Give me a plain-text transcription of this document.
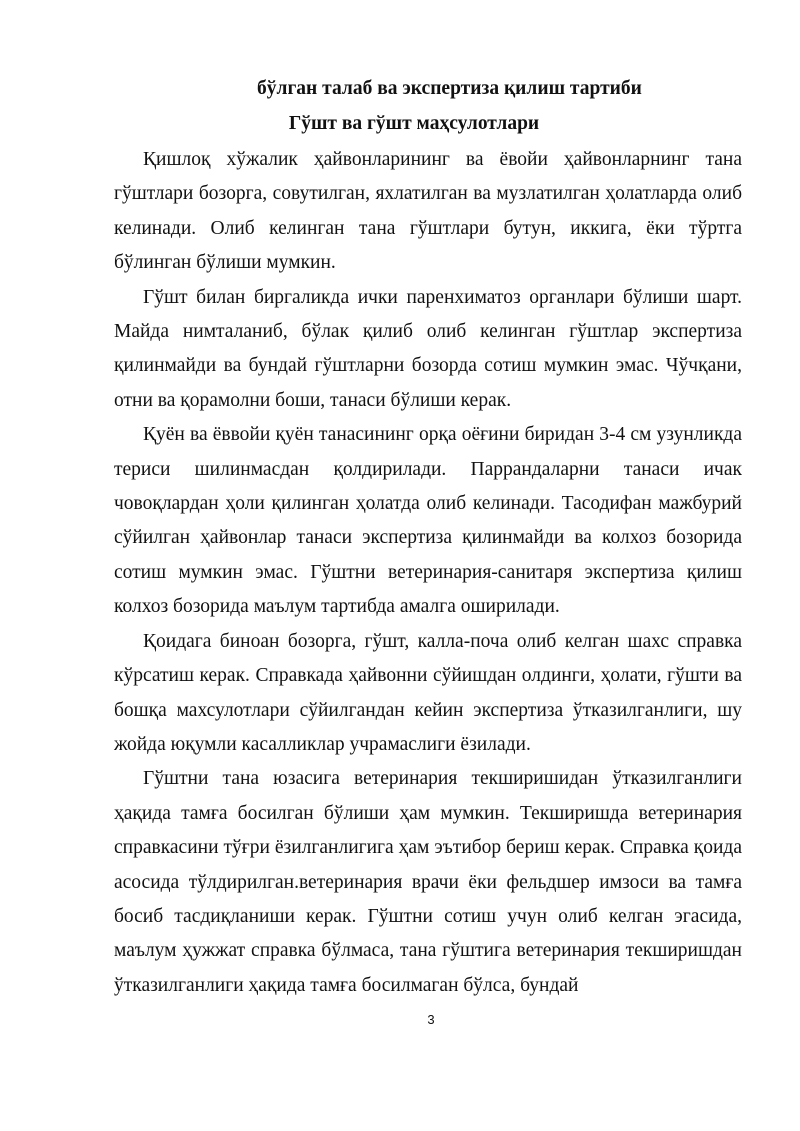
бўлган талаб ва экспертиза қилиш тартиби
Гўшт ва гўшт маҳсулотлари

Қишлоқ хўжалик ҳайвонларининг ва ёвойи ҳайвонларнинг тана гўштлари бозорга, совутилган, яхлатилган ва музлатилган ҳолатларда олиб келинади. Олиб келинган тана гўштлари бутун, иккига, ёки тўртга бўлинган бўлиши мумкин.

Гўшт билан биргаликда ички паренхиматоз органлари бўлиши шарт. Майда нимталаниб, бўлак қилиб олиб келинган гўштлар экспертиза қилинмайди ва бундай гўштларни бозорда сотиш мумкин эмас. Чўчқани, отни ва қорамолни боши, танаси бўлиши керак.

Қуён ва ёввойи қуён танасининг орқа оёғини биридан 3-4 см узунликда териси шилинмасдан қолдирилади. Паррандаларни танаси ичак човоқлардан ҳоли қилинган ҳолатда олиб келинади. Тасодифан мажбурий сўйилган ҳайвонлар танаси экспертиза қилинмайди ва колхоз бозорида сотиш мумкин эмас. Гўштни ветеринария-санитаря экспертиза қилиш колхоз бозорида маълум тартибда амалга оширилади.

Қоидага биноан бозорга, гўшт, калла-поча олиб келган шахс справка кўрсатиш керак. Справкада ҳайвонни сўйишдан олдинги, ҳолати, гўшти ва бошқа махсулотлари сўйилгандан кейин экспертиза ўтказилганлиги, шу жойда юқумли касалликлар учрамаслиги ёзилади.

Гўштни тана юзасига ветеринария текширишидан ўтказилганлиги ҳақида тамға босилган бўлиши ҳам мумкин. Текширишда ветеринария справкасини тўғри ёзилганлигига ҳам эътибор бериш керак. Справка қоида асосида тўлдирилган.ветеринария врачи ёки фельдшер имзоси ва тамға босиб тасдиқланиши керак. Гўштни сотиш учун олиб келган эгасида, маълум ҳужжат справка бўлмаса, тана гўштига ветеринария текширишдан ўтказилганлиги ҳақида тамға босилмаган бўлса, бундай

3
